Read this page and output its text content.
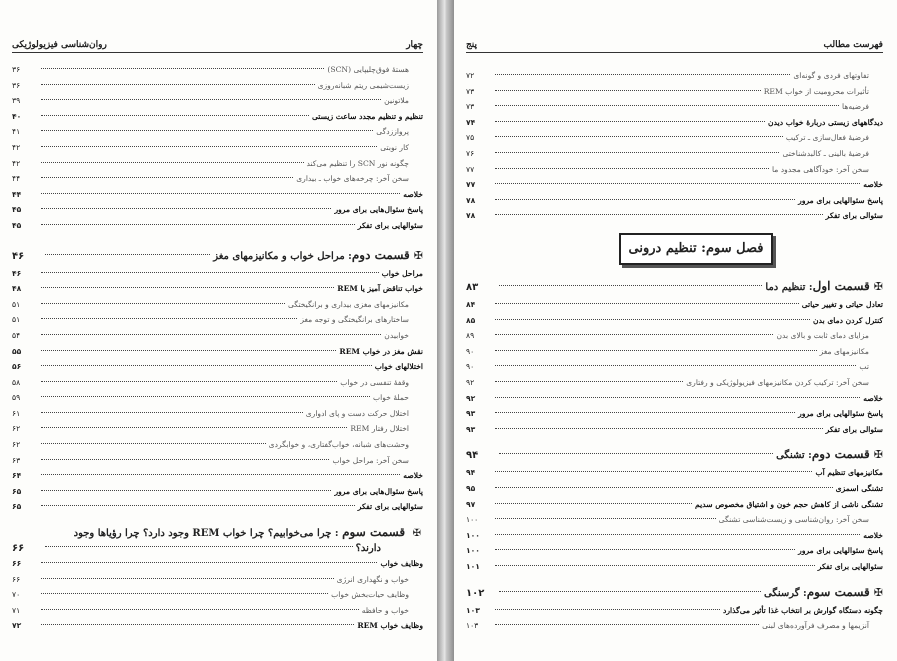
روان‌شناسی فیزیولوژیکی	چهار
هستهٔ فوق‌چلیپایی (SCN)
۳۶
زیست‌شیمی ریتم شبانه‌روزی
۳۶
ملاتونین
۳۹
تنظیم و تنظیم مجدد ساعت زیستی
۴۰
پرواززدگی
۴۱
کار نوبتی
۴۲
چگونه نور SCN را تنظیم می‌کند
۴۲
سخن آخر: چرخه‌های خواب ـ بیداری
۴۴
خلاصه
۴۴
پاسخ سئوال‌هایی برای مرور
۴۵
سئوالهایی برای تفکر
۴۵
✠
قسمت دوم
: مراحل خواب و مکانیزمهای مغز
۴۶
مراحل خواب
۴۶
خواب تناقض آمیز یا REM
۴۸
مکانیزمهای مغزی بیداری و برانگیختگی
۵۱
ساختارهای برانگیختگی و توجه مغز
۵۱
خوابیدن
۵۴
نقش مغز در خواب REM
۵۵
اختلالهای خواب
۵۶
وقفهٔ تنفسی در خواب
۵۸
حملهٔ خواب
۵۹
اختلال حرکت دست و پای ادواری
۶۱
اختلال رفتار REM
۶۲
وحشت‌های شبانه، خواب‌گفتاری، و خوابگردی
۶۲
سخن آخر: مراحل خواب
۶۳
خلاصه
۶۴
پاسخ سئوال‌هایی برای مرور
۶۵
سئوالهایی برای تفکر
۶۵
✠ قسمت سوم : چرا می‌خوابیم؟ چرا خواب REM وجود دارد؟ چرا رؤیاها وجود
دارند؟
۶۶
وظایف خواب
۶۶
خواب و نگهداری انرژی
۶۶
وظایف حیات‌بخش خواب
۷۰
خواب و حافظه
۷۱
وظایف خواب REM
۷۲
پنج	فهرست مطالب
تفاوتهای فردی و گونه‌ای
۷۲
تأثیرات محرومیت از خواب REM
۷۳
فرضیه‌ها
۷۳
دیدگاههای زیستی دربارهٔ خواب دیدن
۷۴
فرضیهٔ فعال‌سازی ـ ترکیب
۷۵
فرضیهٔ بالینی ـ کالبدشناختی
۷۶
سخن آخر: خودآگاهی مجدود ما
۷۷
خلاصه
۷۷
پاسخ سئوالهایی برای مرور
۷۸
سئوالی برای تفکر
۷۸
فصل سوم: تنظیم درونی
✠
قسمت اول
: تنظیم دما
۸۳
تعادل حیاتی و تغییر حیاتی
۸۴
کنترل کردن دمای بدن
۸۵
مزایای دمای ثابت و بالای بدن
۸۹
مکانیزمهای مغز
۹۰
تب
۹۰
سخن آخر: ترکیب کردن مکانیزمهای فیزیولوژیکی و رفتاری
۹۲
خلاصه
۹۲
پاسخ سئوالهایی برای مرور
۹۳
سئوالی برای تفکر
۹۳
✠
قسمت دوم
: تشنگی
۹۴
مکانیزمهای تنظیم آب
۹۴
تشنگی اسمزی
۹۵
تشنگی ناشی از کاهش حجم خون و اشتیاق مخصوص سدیم
۹۷
سخن آخر: روان‌شناسی و زیست‌شناسی تشنگی
۱۰۰
خلاصه
۱۰۰
پاسخ سئوالهایی برای مرور
۱۰۰
سئوالهایی برای تفکر
۱۰۱
✠
قسمت سوم
: گرسنگی
۱۰۲
چگونه دستگاه گوارش بر انتخاب غذا تأثیر می‌گذارد
۱۰۳
آنزیمها و مصرف فرآورده‌های لبنی
۱۰۳
